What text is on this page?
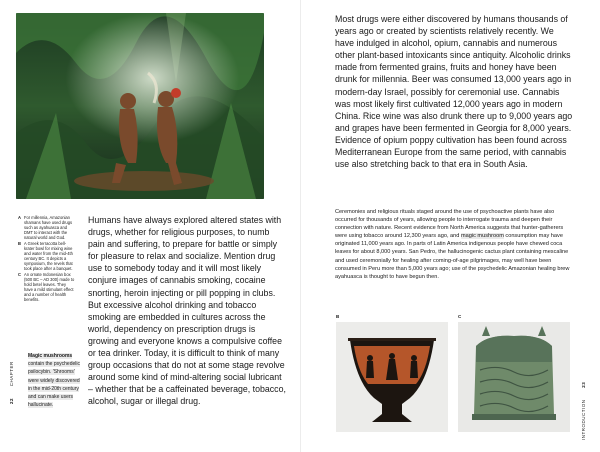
A For millennia, Amazonian shamans have used drugs such as ayahuasca and DMT to interact with the natural world and God.
B A Greek terracotta bell-krater bowl for mixing wine and water from the mid-4th century BC. It depicts a symposium, the revels that took place after a banquet.
C An ornate Indonesian box (500 BC – AD 300) made to hold betel leaves. They have a mild stimulant effect and a number of health benefits.
Magic mushrooms
contain the psychedelic psilocybin. 'Shrooms' were widely discovered in the mid-20th century and can make users hallucinate.
Humans have always explored altered states with drugs, whether for religious purposes, to numb pain and suffering, to prepare for battle or simply for pleasure to relax and socialize. Mention drug use to somebody today and it will most likely conjure images of cannabis smoking, cocaine snorting, heroin injecting or pill popping in clubs. But excessive alcohol drinking and tobacco smoking are embedded in cultures across the world, dependency on prescription drugs is growing and everyone knows a compulsive coffee or tea drinker. Today, it is difficult to think of many group occasions that do not at some stage revolve around some kind of mind-altering social lubricant – whether that be a caffeinated beverage, tobacco, alcohol, sugar or illegal drug.
22 CHAPTER
Most drugs were either discovered by humans thousands of years ago or created by scientists relatively recently. We have indulged in alcohol, opium, cannabis and numerous other plant-based intoxicants since antiquity. Alcoholic drinks made from fermented grains, fruits and honey have been drunk for millennia. Beer was consumed 13,000 years ago in modern-day Israel, possibly for ceremonial use. Cannabis was most likely first cultivated 12,000 years ago in modern China. Rice wine was also drunk there up to 9,000 years ago and grapes have been fermented in Georgia for 8,000 years. Evidence of opium poppy cultivation has been found across Mediterranean Europe from the same period, with cannabis use also stretching back to that era in South Asia.
Ceremonies and religious rituals staged around the use of psychoactive plants have also occurred for thousands of years, allowing people to interrogate trauma and deepen their connection with nature. Recent evidence from North America suggests that hunter-gatherers were using tobacco around 12,300 years ago, and magic mushroom consumption may have originated 11,000 years ago. In parts of Latin America indigenous people have chewed coca leaves for about 8,000 years. San Pedro, the hallucinogenic cactus plant containing mescaline and used ceremonially for healing after coming-of-age pilgrimages, may well have been consumed in Peru more than 5,000 years ago; use of the psychedelic Amazonian healing brew ayahuasca is thought to have begun then.
B	C
INTRODUCTION 23
